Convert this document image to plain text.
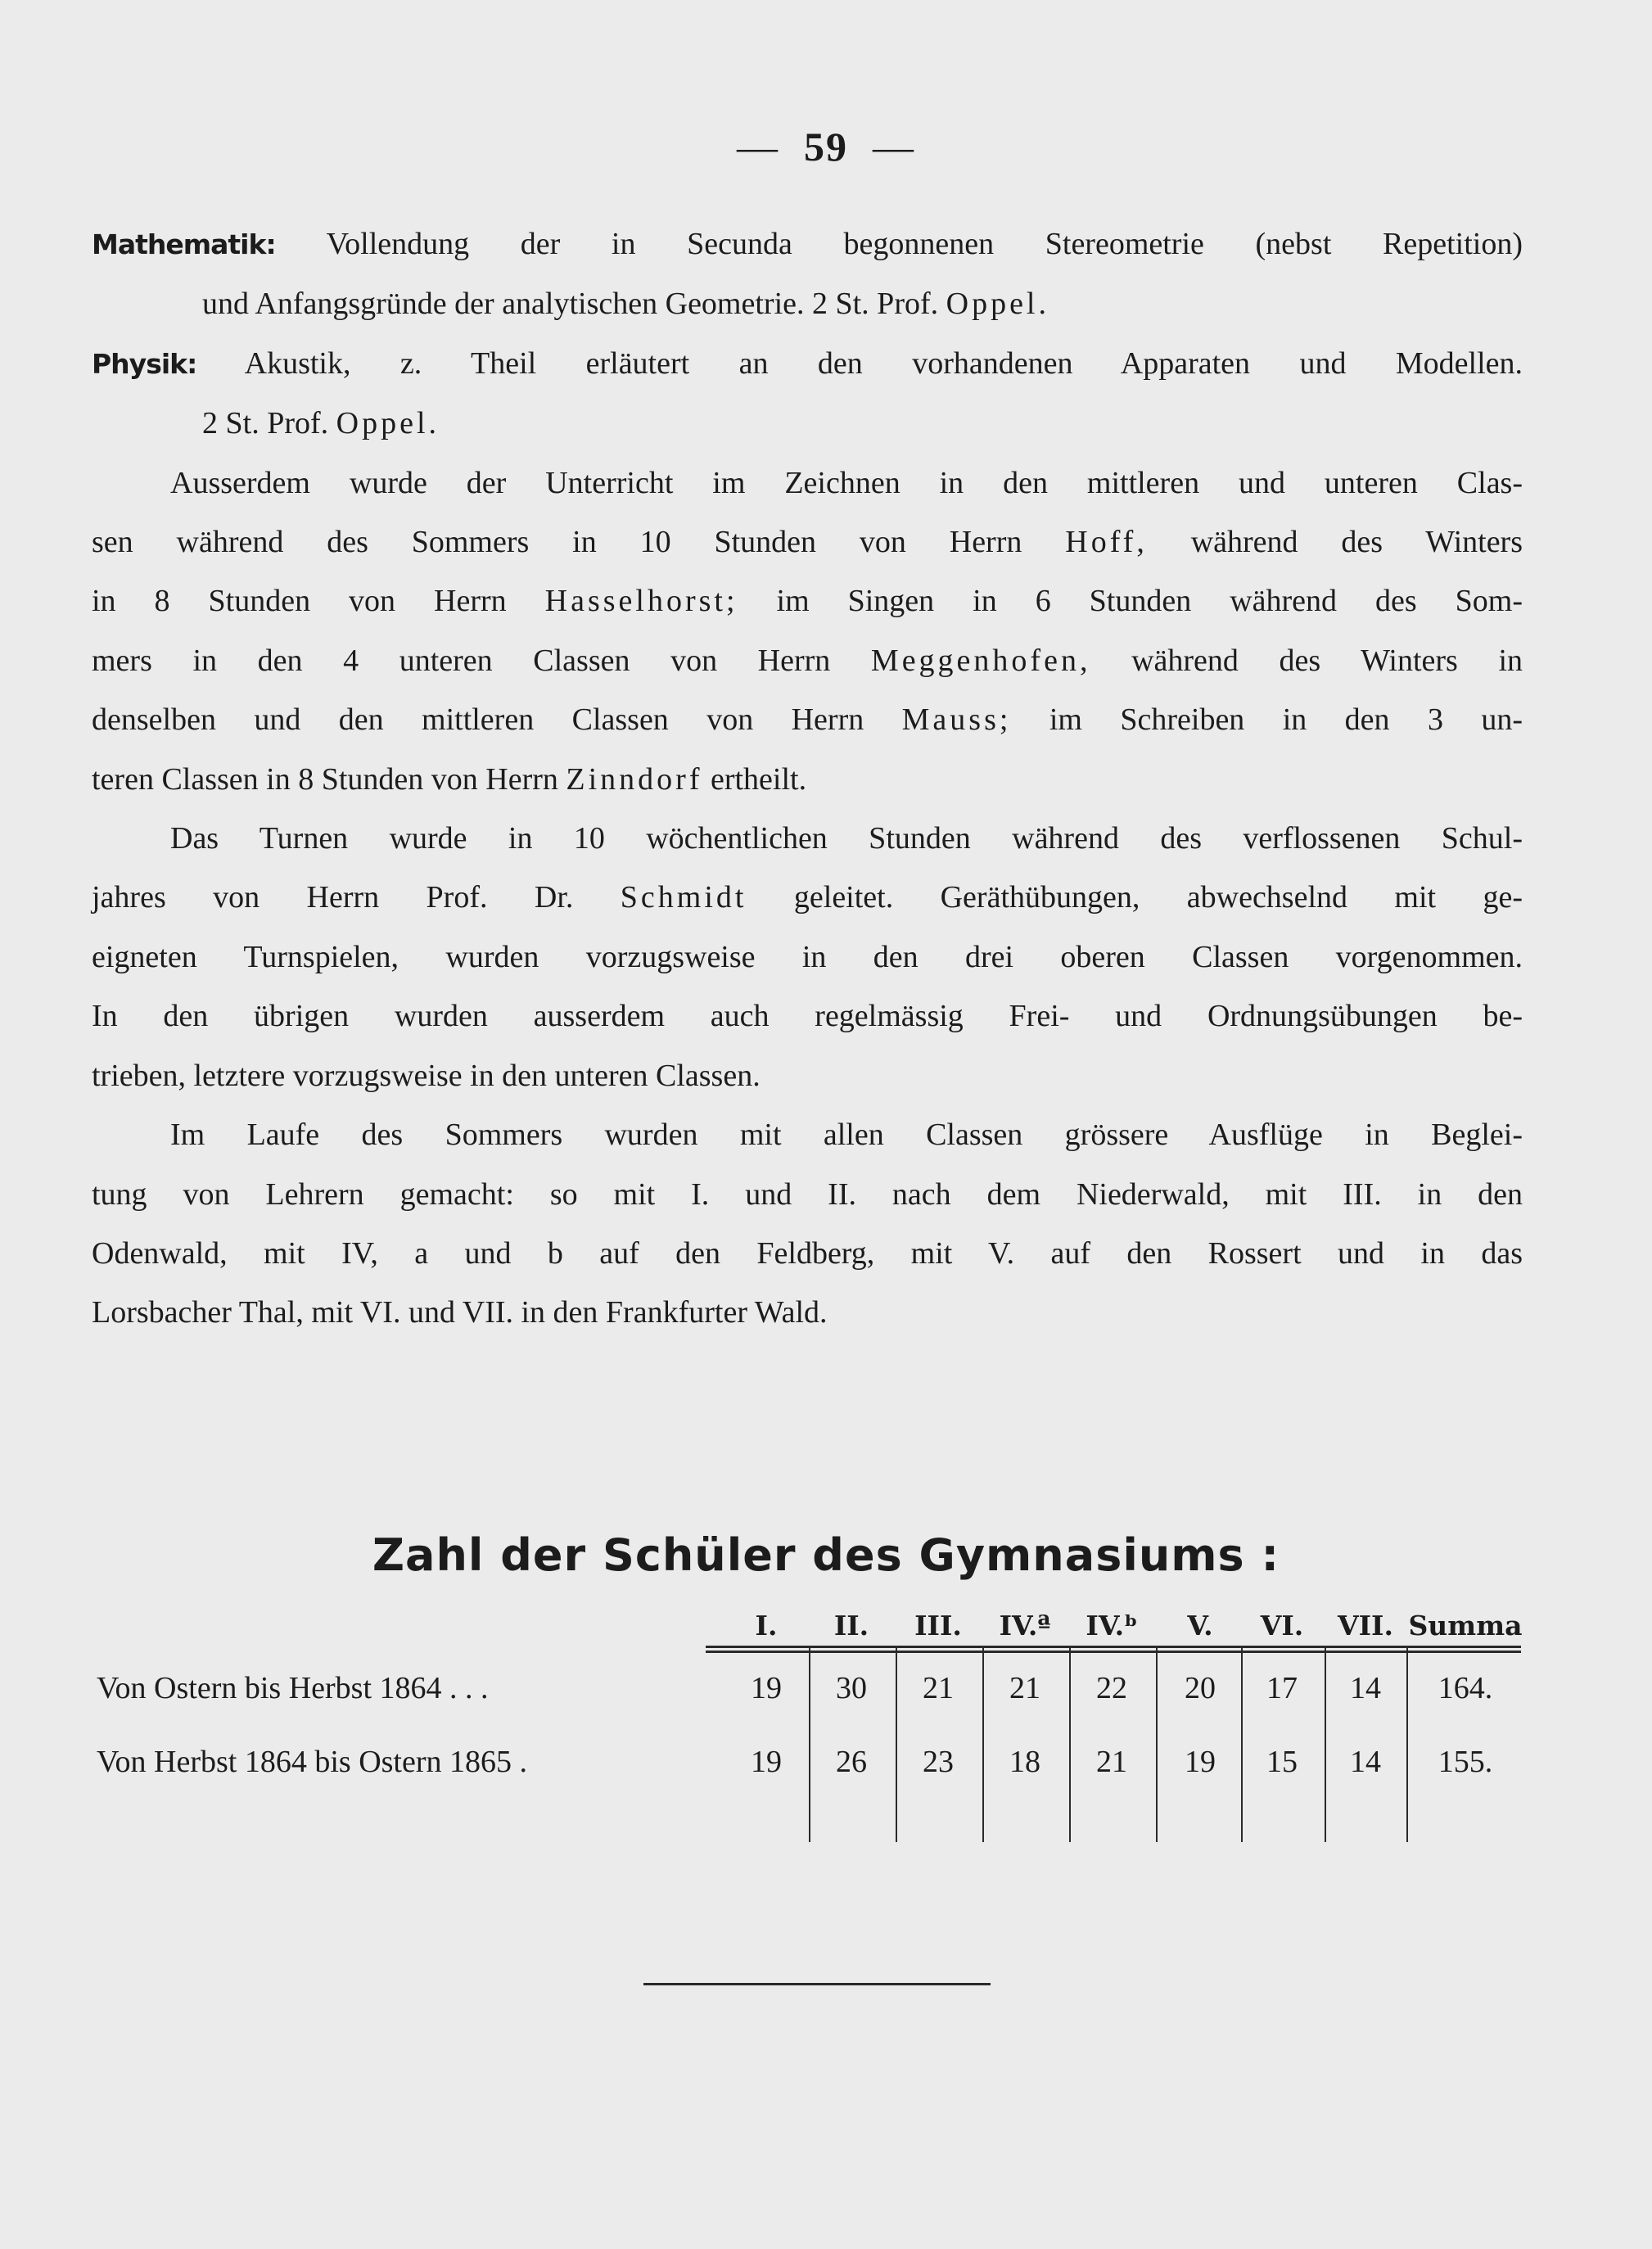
— 59 —

Mathematik: Vollendung der in Secunda begonnenen Stereometrie (nebst Repetition)

und Anfangsgründe der analytischen Geometrie. 2 St. Prof. Oppel.

Physik: Akustik, z. Theil erläutert an den vorhandenen Apparaten und Modellen.

2 St. Prof. Oppel.

Ausserdem wurde der Unterricht im Zeichnen in den mittleren und unteren Clas-

sen während des Sommers in 10 Stunden von Herrn Hoff, während des Winters

in 8 Stunden von Herrn Hasselhorst; im Singen in 6 Stunden während des Som-

mers in den 4 unteren Classen von Herrn Meggenhofen, während des Winters in

denselben und den mittleren Classen von Herrn Mauss; im Schreiben in den 3 un-

teren Classen in 8 Stunden von Herrn Zinndorf ertheilt.

Das Turnen wurde in 10 wöchentlichen Stunden während des verflossenen Schul-

jahres von Herrn Prof. Dr. Schmidt geleitet. Geräthübungen, abwechselnd mit ge-

eigneten Turnspielen, wurden vorzugsweise in den drei oberen Classen vorgenommen.

In den übrigen wurden ausserdem auch regelmässig Frei- und Ordnungsübungen be-

trieben, letztere vorzugsweise in den unteren Classen.

Im Laufe des Sommers wurden mit allen Classen grössere Ausflüge in Beglei-

tung von Lehrern gemacht: so mit I. und II. nach dem Niederwald, mit III. in den

Odenwald, mit IV, a und b auf den Feldberg, mit V. auf den Rossert und in das

Lorsbacher Thal, mit VI. und VII. in den Frankfurter Wald.

Zahl der Schüler des Gymnasiums :
I.	II.	III.	IV.ª	IV.ᵇ	V.	VI.	VII. Summa
Von Ostern bis Herbst 1864 . . .	19	30	21	21	22	20	17	14	164.
Von Herbst 1864 bis Ostern 1865 .	19	26	23	18	21	19	15	14	155.
